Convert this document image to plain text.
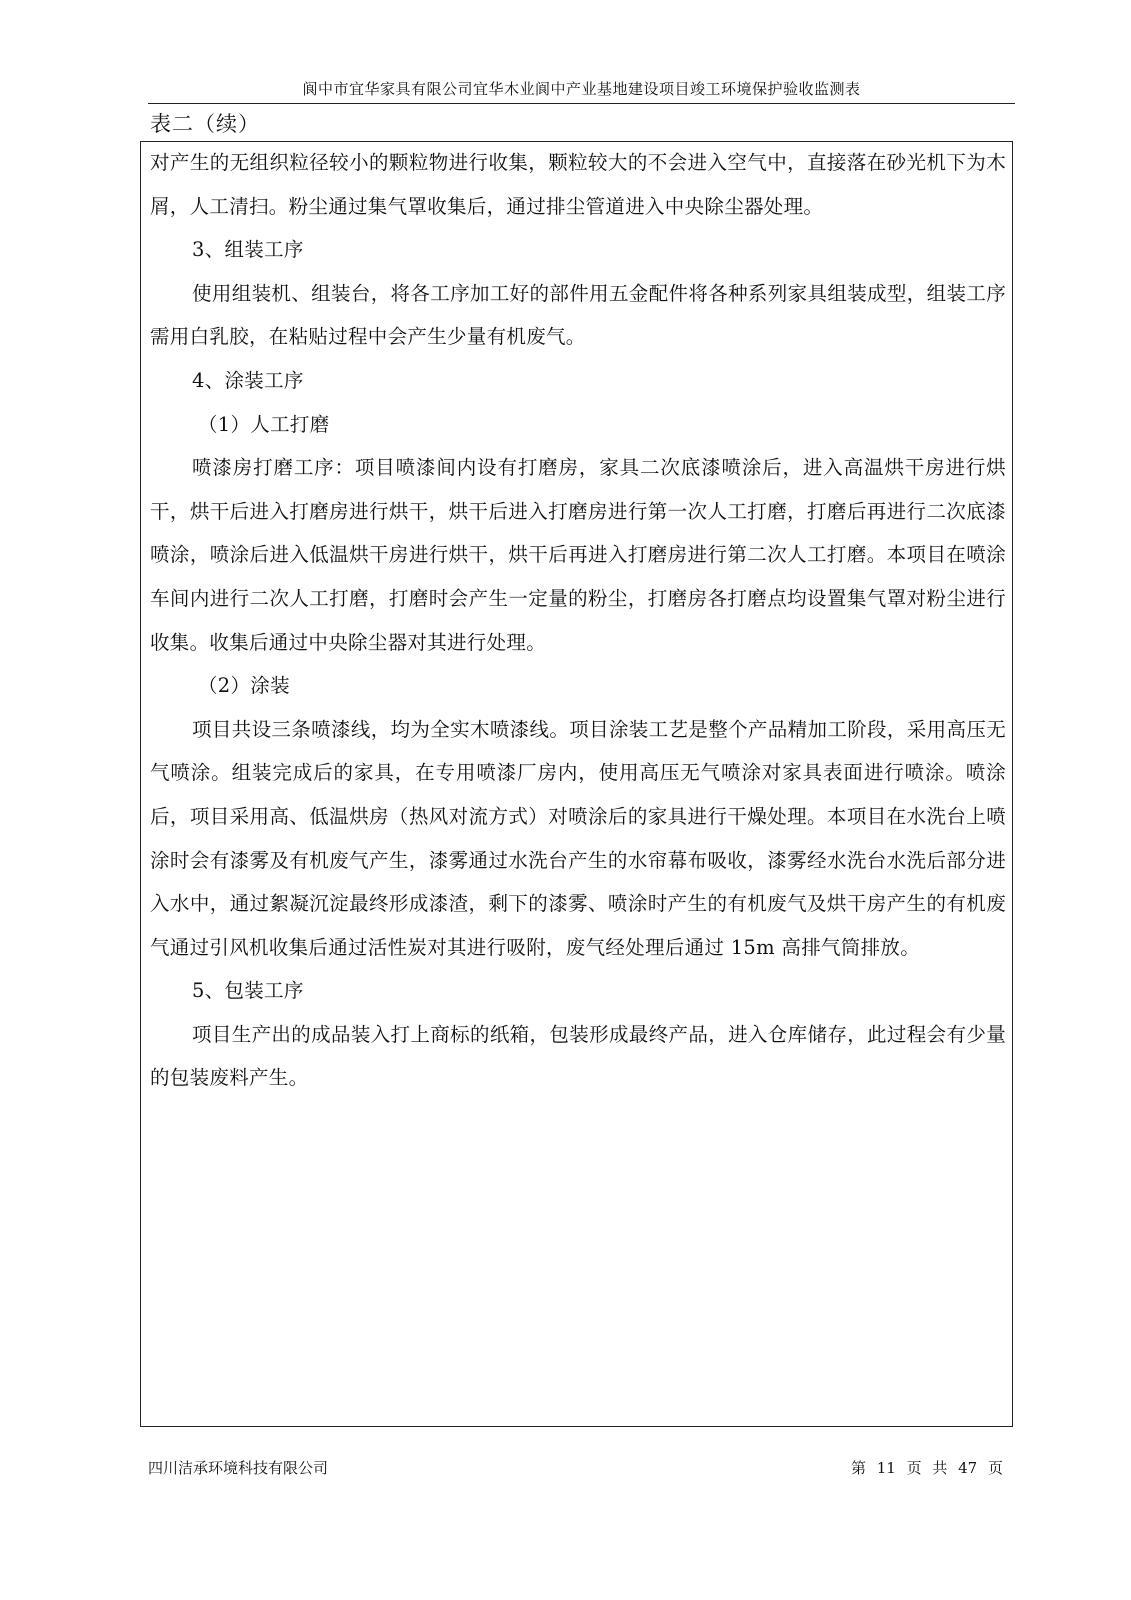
阆中市宜华家具有限公司宜华木业阆中产业基地建设项目竣工环境保护验收监测表
表二（续）

对产生的无组织粒径较小的颗粒物进行收集，颗粒较大的不会进入空气中，直接落在砂光机下为木屑，人工清扫。粉尘通过集气罩收集后，通过排尘管道进入中央除尘器处理。

3、组装工序

使用组装机、组装台，将各工序加工好的部件用五金配件将各种系列家具组装成型，组装工序需用白乳胶，在粘贴过程中会产生少量有机废气。

4、涂装工序

（1）人工打磨

喷漆房打磨工序：项目喷漆间内设有打磨房，家具二次底漆喷涂后，进入高温烘干房进行烘干，烘干后进入打磨房进行烘干，烘干后进入打磨房进行第一次人工打磨，打磨后再进行二次底漆喷涂，喷涂后进入低温烘干房进行烘干，烘干后再进入打磨房进行第二次人工打磨。本项目在喷涂车间内进行二次人工打磨，打磨时会产生一定量的粉尘，打磨房各打磨点均设置集气罩对粉尘进行收集。收集后通过中央除尘器对其进行处理。

（2）涂装

项目共设三条喷漆线，均为全实木喷漆线。项目涂装工艺是整个产品精加工阶段，采用高压无气喷涂。组装完成后的家具，在专用喷漆厂房内，使用高压无气喷涂对家具表面进行喷涂。喷涂后，项目采用高、低温烘房（热风对流方式）对喷涂后的家具进行干燥处理。本项目在水洗台上喷涂时会有漆雾及有机废气产生，漆雾通过水洗台产生的水帘幕布吸收，漆雾经水洗台水洗后部分进入水中，通过絮凝沉淀最终形成漆渣，剩下的漆雾、喷涂时产生的有机废气及烘干房产生的有机废气通过引风机收集后通过活性炭对其进行吸附，废气经处理后通过 15m 高排气筒排放。

5、包装工序

项目生产出的成品装入打上商标的纸箱，包装形成最终产品，进入仓库储存，此过程会有少量的包装废料产生。

四川洁承环境科技有限公司	第 11 页 共 47 页
